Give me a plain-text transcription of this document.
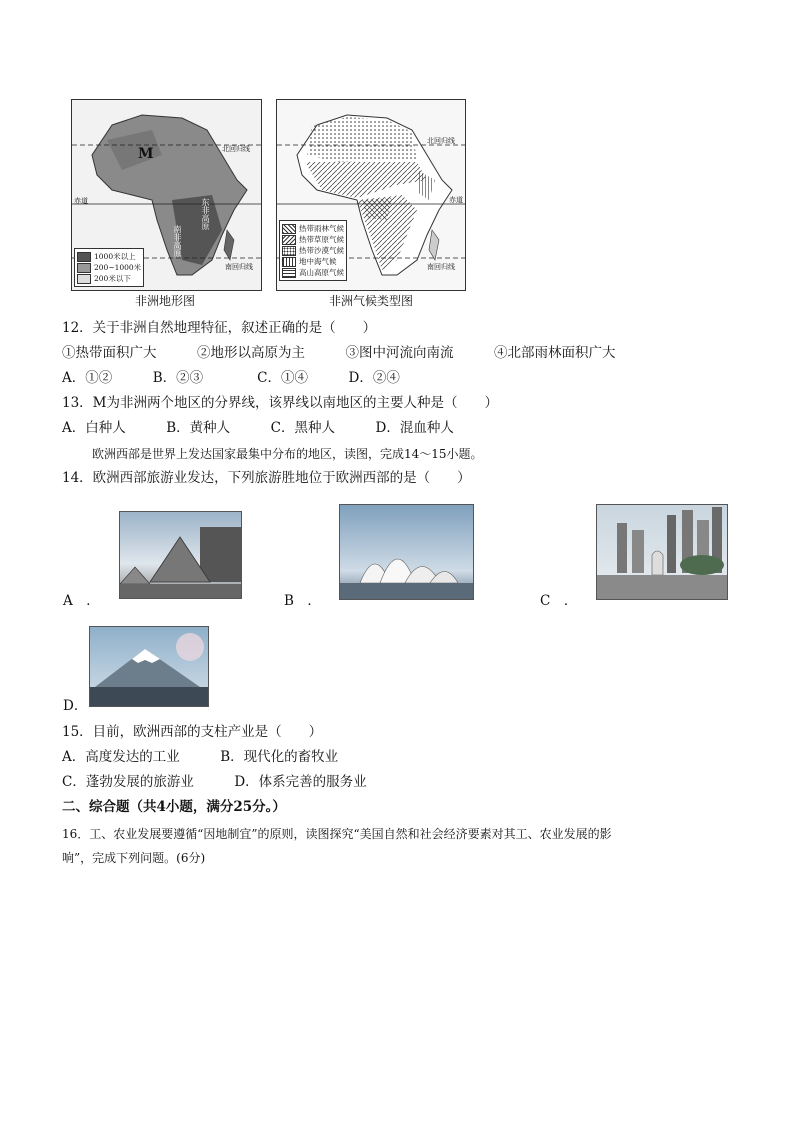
M	北回归线
赤道
南回归线
东非高原
南非高原
1000米以上
200~1000米
200米以下
非洲地形图
北回归线
赤道
南回归线
热带雨林气候
热带草原气候
热带沙漠气候
地中海气候
高山高原气候
非洲气候类型图
12．关于非洲自然地理特征，叙述正确的是（　　）
①热带面积广大　　　②地形以高原为主　　　③图中河流向南流　　　④北部雨林面积广大
A．①②　　　B．②③　　　　C．①④　　　D．②④
13．M为非洲两个地区的分界线，该界线以南地区的主要人种是（　　）
A．白种人　　　B．黄种人　　　C．黑种人　　　D．混血种人
欧洲西部是世界上发达国家最集中分布的地区，读图，完成14～15小题。
14．欧洲西部旅游业发达，下列旅游胜地位于欧洲西部的是（　　）
A　．	B　．	C　．
D．
15．目前，欧洲西部的支柱产业是（　　）
A．高度发达的工业　　　B．现代化的畜牧业
C．蓬勃发展的旅游业　　　D．体系完善的服务业
二、综合题（共4小题，满分25分。）
16．工、农业发展要遵循“因地制宜”的原则，读图探究“美国自然和社会经济要素对其工、农业发展的影
响”，完成下列问题。(6分)
